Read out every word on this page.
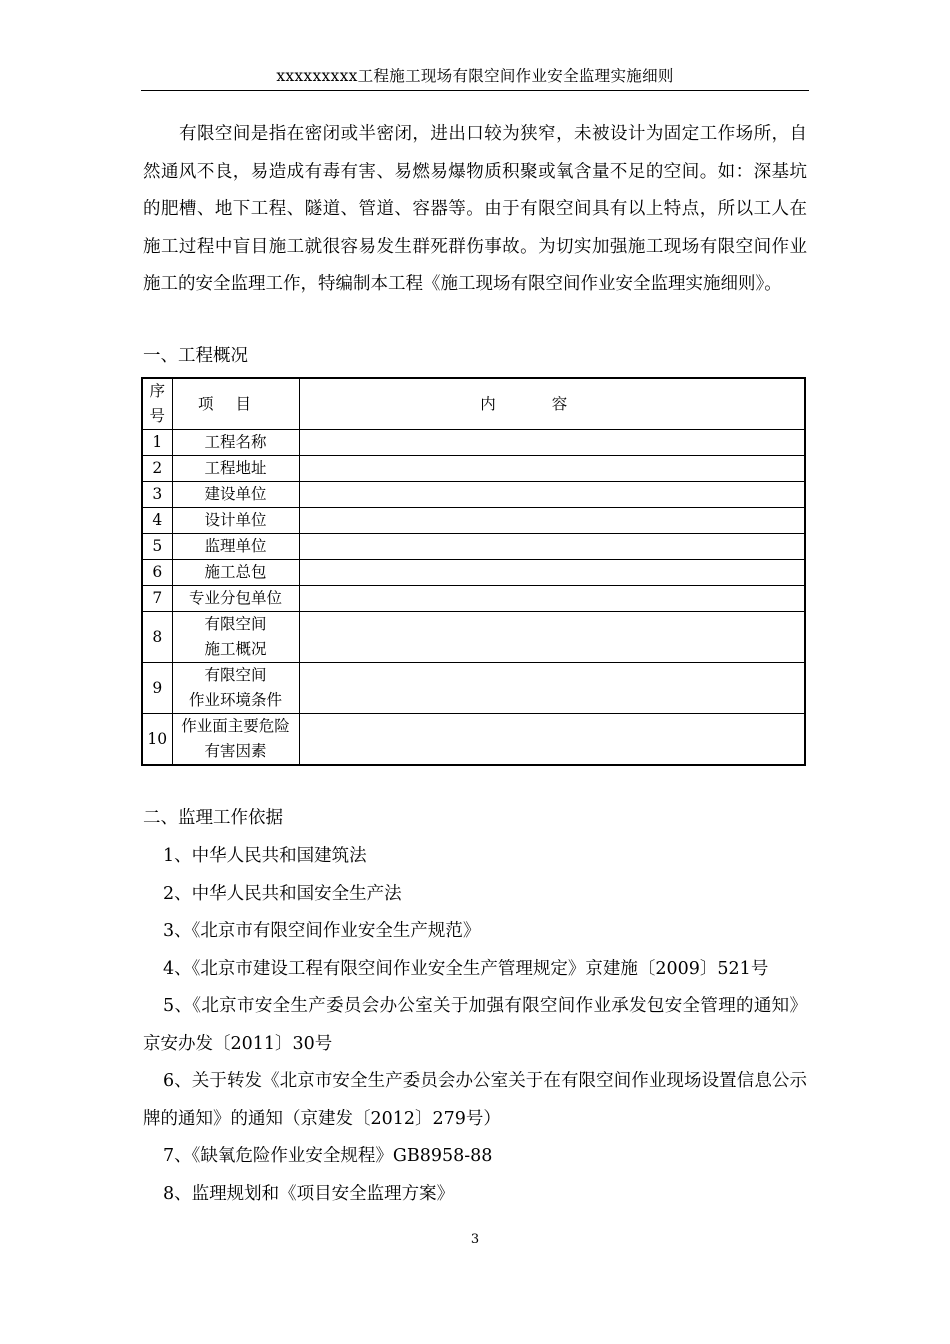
xxxxxxxxx工程施工现场有限空间作业安全监理实施细则

有限空间是指在密闭或半密闭，进出口较为狭窄，未被设计为固定工作场所，自然通风不良，易造成有毒有害、易燃易爆物质积聚或氧含量不足的空间。如：深基坑的肥槽、地下工程、隧道、管道、容器等。由于有限空间具有以上特点，所以工人在施工过程中盲目施工就很容易发生群死群伤事故。为切实加强施工现场有限空间作业施工的安全监理工作，特编制本工程《施工现场有限空间作业安全监理实施细则》。

一、工程概况

序
号	项目	内容
1	工程名称	
2	工程地址	
3	建设单位	
4	设计单位	
5	监理单位	
6	施工总包	
7	专业分包单位	
8	有限空间
施工概况	

9	有限空间
作业环境条件	

10	作业面主要危险
有害因素	

二、监理工作依据

1、中华人民共和国建筑法
2、中华人民共和国安全生产法
3、《北京市有限空间作业安全生产规范》
4、《北京市建设工程有限空间作业安全生产管理规定》京建施〔2009〕521号
5、《北京市安全生产委员会办公室关于加强有限空间作业承发包安全管理的通知》京安办发〔2011〕30号
6、关于转发《北京市安全生产委员会办公室关于在有限空间作业现场设置信息公示牌的通知》的通知（京建发〔2012〕279号）
7、《缺氧危险作业安全规程》GB8958-88
8、监理规划和《项目安全监理方案》
3
